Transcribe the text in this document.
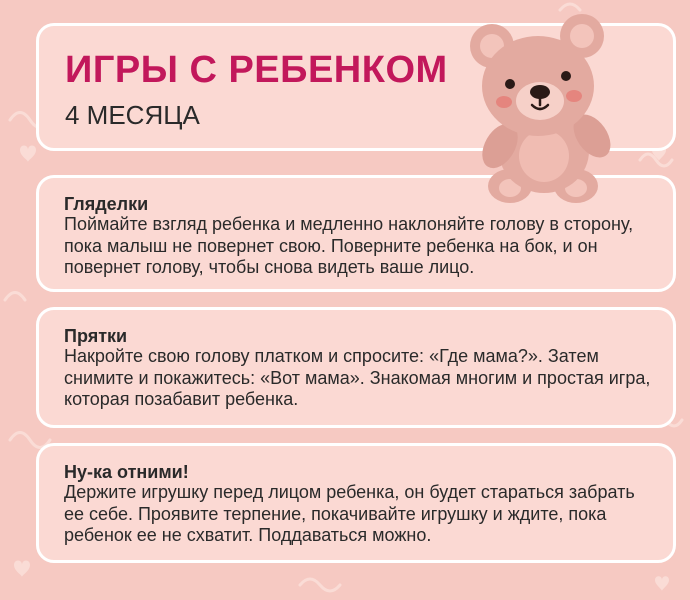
ИГРЫ С РЕБЕНКОМ

4 МЕСЯЦА

Гляделки

Поймайте взгляд ребенка и медленно наклоняйте голову в сторону, пока малыш не повернет свою. Поверните ребенка на бок, и он повернет голову, чтобы снова видеть ваше лицо.

Прятки

Накройте свою голову платком и спросите: «Где мама?». Затем снимите и покажитесь: «Вот мама». Знакомая многим и простая игра, которая позабавит ребенка.

Ну-ка отними!

Держите игрушку перед лицом ребенка, он будет стараться забрать ее себе. Проявите терпение, покачивайте игрушку и ждите, пока ребенок ее не схватит. Поддаваться можно.
